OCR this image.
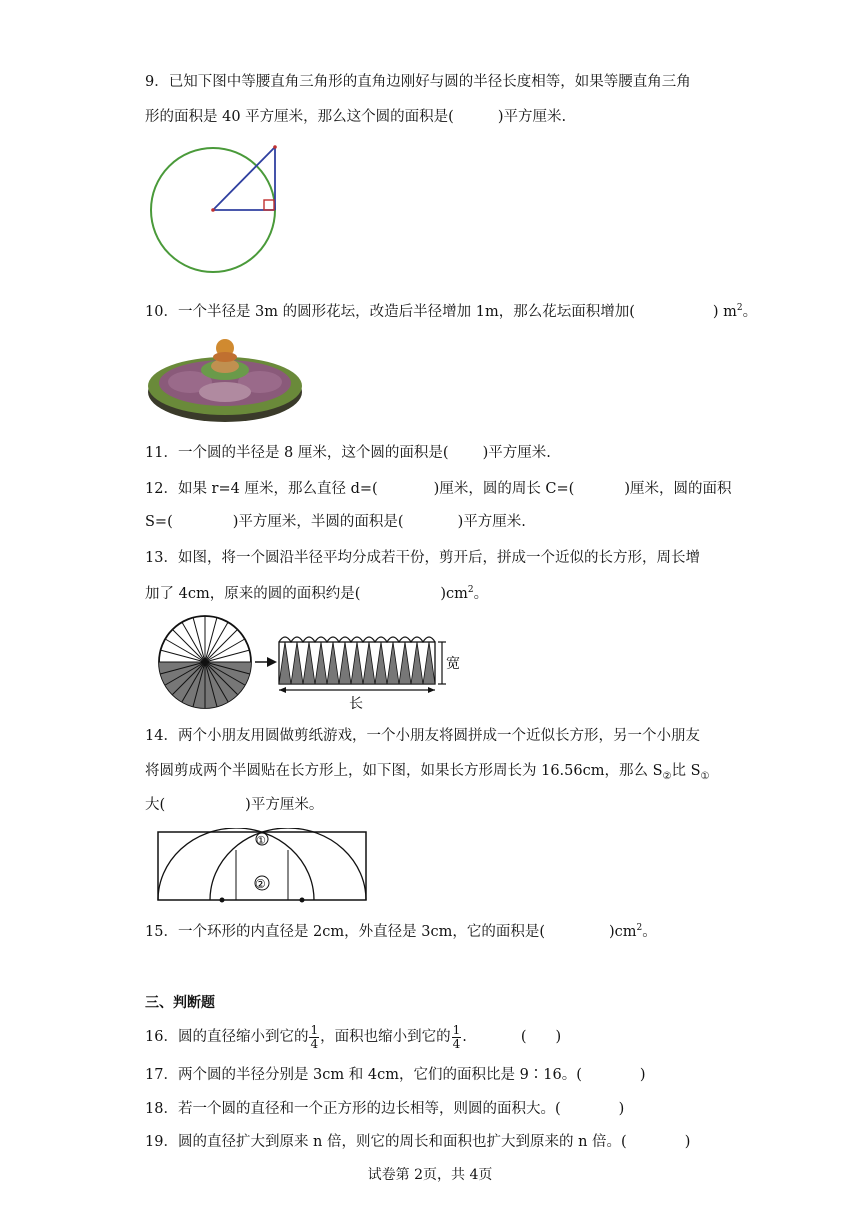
9．已知下图中等腰直角三角形的直角边刚好与圆的半径长度相等，如果等腰直角三角
形的面积是 40 平方厘米，那么这个圆的面积是(	)平方厘米.
10．一个半径是 3m 的圆形花坛，改造后半径增加 1m，那么花坛面积增加(	) $m^2$。
11．一个圆的半径是 8 厘米，这个圆的面积是( )平方厘米.
12．如果 r=4 厘米，那么直径 d=(	)厘米，圆的周长 C=(	)厘米，圆的面积
S=(	)平方厘米，半圆的面积是(	)平方厘米.
13．如图，将一个圆沿半径平均分成若干份，剪开后，拼成一个近似的长方形，周长增
加了 4cm，原来的圆的面积约是(	)$cm^2$。
宽
长
14．两个小朋友用圆做剪纸游戏，一个小朋友将圆拼成一个近似长方形，另一个小朋友
将圆剪成两个半圆贴在长方形上，如下图，如果长方形周长为 16.56cm，那么 $S_②$比 $S_①$
大(	)平方厘米。
①
②
15．一个环形的内直径是 2cm，外直径是 3cm，它的面积是(	)$cm^2$。
三、判断题
16．圆的直径缩小到它的 $\frac{1}{4}$ ，面积也缩小到它的 $\frac{1}{4}$ .	(　　)
17．两个圆的半径分别是 3cm 和 4cm，它们的面积比是 9∶16。(　　　　)
18．若一个圆的直径和一个正方形的边长相等，则圆的面积大。(　　　　)
19．圆的直径扩大到原来 n 倍，则它的周长和面积也扩大到原来的 n 倍。(　　　　)
试卷第 2页，共 4页
